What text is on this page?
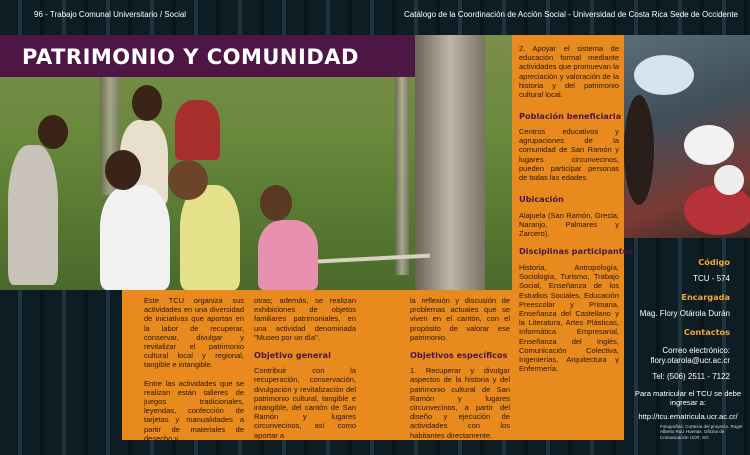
96 - Trabajo Comunal Universitario / Social	Catálogo de la Coordinación de Acción Social - Universidad de Costa Rica Sede de Occidente
PATRIMONIO Y COMUNIDAD	2. Apoyar el sistema de educación formal mediante actividades que promuevan la apreciación y valoración de la historia y del patrimonio cultural local.
Población beneficiaria
Centros educativos y agrupaciones de la comunidad de San Ramón y lugares circunvecinos, pueden participar personas de todas las edades.
Ubicación
Alajuela (San Ramón, Grecia, Naranjo, Palmares y Zarcero).
Disciplinas participantes
Historia, Antropología, Sociología, Turismo, Trabajo Social, Enseñanza de los Estudios Sociales, Educación Preescolar y Primaria, Enseñanza del Castellano y la Literatura, Artes Plásticas, Informática Empresarial, Enseñanza del Inglés, Comunicación Colectiva, Ingenierías, Arquitectura y Enfermería.

Este TCU organiza sus actividades en una diversidad de iniciativas que aportan en la labor de recuperar, conservar, divulgar y revitalizar el patrimonio cultural local y regional, tangible e intangible.

Entre las actividades que se realizan están talleres de juegos tradicionales, leyendas, confección de tarjetas y manualidades a partir de materiales de desecho y

otras; además, se realizan exhibiciones de objetos familiares patrimoniales, en una actividad denominada "Museo por un día".

Objetivo general

Contribuir con la recuperación, conservación, divulgación y revitalización del patrimonio cultural, tangible e intangible, del cantón de San Ramón y lugares circunvecinos, así como aportar a

la reflexión y discusión de problemas actuales que se viven en el cantón, con el propósito de valorar ese patrimonio.

Objetivos específicos

1. Recuperar y divulgar aspectos de la historia y del patrimonio cultural de San Ramón y lugares circunvecinos, a partir del diseño y ejecución de actividades con los habitantes directamente.

Código
TCU - 574
Encargada
Mag. Flory Otárola Durán
Contactos
Correo electrónico:
flory.otarola@ucr.ac.cr
Tel: (506) 2511 - 7122
Para matricular el TCU se debe ingresar a:
http://tcu.ematricula.ucr.ac.cr/
Fotografías: Cortesía del proyecto. Roger Alberto Ruiz Huertas. Oficina de Comunicación UCR, SO.
